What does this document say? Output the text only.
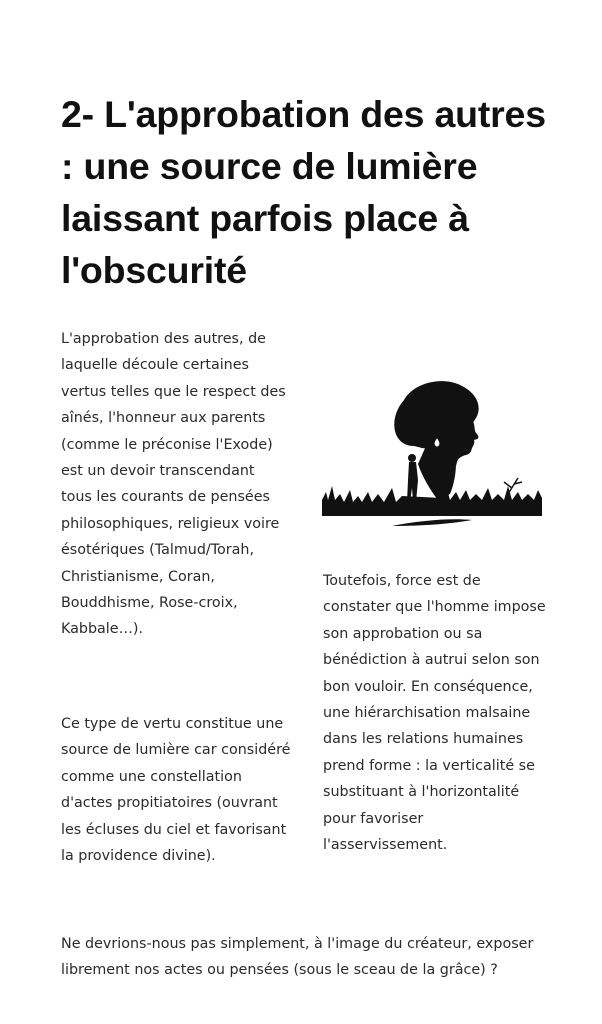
2- L'approbation des autres : une source de lumière laissant parfois place à l'obscurité

L'approbation des autres, de laquelle découle certaines vertus telles que le respect des aînés, l'honneur aux parents (comme le préconise l'Exode) est un devoir transcendant tous les courants de pensées philosophiques, religieux voire ésotériques (Talmud/Torah, Christianisme, Coran, Bouddhisme, Rose-croix, Kabbale…).

Ce type de vertu constitue une source de lumière car considéré comme une constellation d'actes propitiatoires (ouvrant les écluses du ciel et favorisant la providence divine).

Toutefois, force est de constater que l'homme impose son approbation ou sa bénédiction à autrui selon son bon vouloir. En conséquence, une hiérarchisation malsaine dans les relations humaines prend forme : la verticalité se substituant à l'horizontalité pour favoriser l'asservissement.

Ne devrions-nous pas simplement, à l'image du créateur, exposer librement nos actes ou pensées (sous le sceau de la grâce) ?
